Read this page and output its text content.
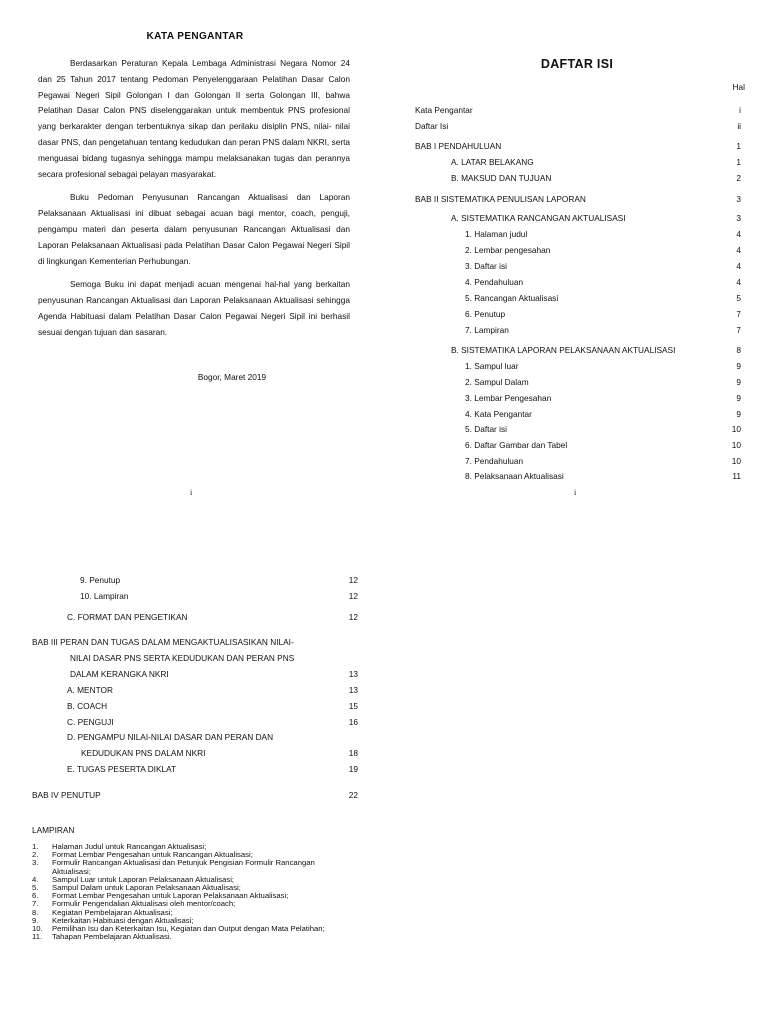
KATA PENGANTAR

Berdasarkan Peraturan Kepala Lembaga Administrasi Negara Nomor 24 dan 25 Tahun 2017 tentang Pedoman Penyelenggaraan Pelatihan Dasar Calon Pegawai Negeri Sipil Golongan I dan Golongan II serta Golongan III, bahwa Pelatihan Dasar Calon PNS diselenggarakan untuk membentuk PNS profesional yang berkarakter dengan terbentuknya sikap dan perilaku disiplin PNS, nilai- nilai dasar PNS, dan pengetahuan tentang kedudukan dan peran PNS dalam NKRI, serta menguasai bidang tugasnya sehingga mampu melaksanakan tugas dan perannya secara profesional sebagai pelayan masyarakat.

Buku Pedoman Penyusunan Rancangan Aktualisasi dan Laporan Pelaksanaan Aktualisasi ini dibuat sebagai acuan bagi mentor, coach, penguji, pengampu materi dan peserta dalam penyusunan Rancangan Aktualisasi dan Laporan Pelaksanaan Aktualisasi pada Pelatihan Dasar Calon Pegawai Negeri Sipil di lingkungan Kementerian Perhubungan.

Semoga Buku ini dapat menjadi acuan mengenai hal-hal yang berkaitan penyusunan Rancangan Aktualisasi dan Laporan Pelaksanaan Aktualisasi sehingga Agenda Habituasi dalam Pelatihan Dasar Calon Pegawai Negeri Sipil ini berhasil sesuai dengan tujuan dan sasaran.

Bogor, Maret 2019
i
DAFTAR ISI
Hal
Kata Pengantar	i
Daftar Isi	ii
BAB I PENDAHULUAN	1
A. LATAR BELAKANG	1
B. MAKSUD DAN TUJUAN	2
BAB II SISTEMATIKA PENULISAN LAPORAN	3
A. SISTEMATIKA RANCANGAN AKTUALISASI	3
1. Halaman judul	4
2. Lembar pengesahan	4
3. Daftar isi	4
4. Pendahuluan	4
5. Rancangan Aktualisasi	5
6. Penutup	7
7. Lampiran	7
B. SISTEMATIKA LAPORAN PELAKSANAAN AKTUALISASI	8
1. Sampul luar	9
2. Sampul Dalam	9
3. Lembar Pengesahan	9
4. Kata Pengantar	9
5. Daftar isi	10
6. Daftar Gambar dan Tabel	10
7. Pendahuluan	10
8. Pelaksanaan Aktualisasi	11
i
9. Penutup	12
10. Lampiran	12
C. FORMAT DAN PENGETIKAN	12
BAB III PERAN DAN TUGAS DALAM MENGAKTUALISASIKAN NILAI-
NILAI DASAR PNS SERTA KEDUDUKAN DAN PERAN PNS
DALAM KERANGKA NKRI	13
A. MENTOR	13
B. COACH	15
C. PENGUJI	16
D. PENGAMPU NILAI-NILAI DASAR DAN PERAN DAN
KEDUDUKAN PNS DALAM NKRI	18
E. TUGAS PESERTA DIKLAT	19
BAB IV PENUTUP	22
LAMPIRAN
1. Halaman Judul untuk Rancangan Aktualisasi;
2. Format Lembar Pengesahan untuk Rancangan Aktualisasi;
3. Formulir Rancangan Aktualisasi dan Petunjuk Pengisian Formulir Rancangan Aktualisasi;
4. Sampul Luar untuk Laporan Pelaksanaan Aktualisasi;
5. Sampul Dalam untuk Laporan Pelaksanaan Aktualisasi;
6. Format Lembar Pengesahan untuk Laporan Pelaksanaan Aktualisasi;
7. Formulir Pengendalian Aktualisasi oleh mentor/coach;
8. Kegiatan Pembelajaran Aktualisasi;
9. Keterkaitan Habituasi dengan Aktualisasi;
10. Pemilihan Isu dan Keterkaitan Isu, Kegiatan dan Output dengan Mata Pelatihan;
11. Tahapan Pembelajaran Aktualisasi.
